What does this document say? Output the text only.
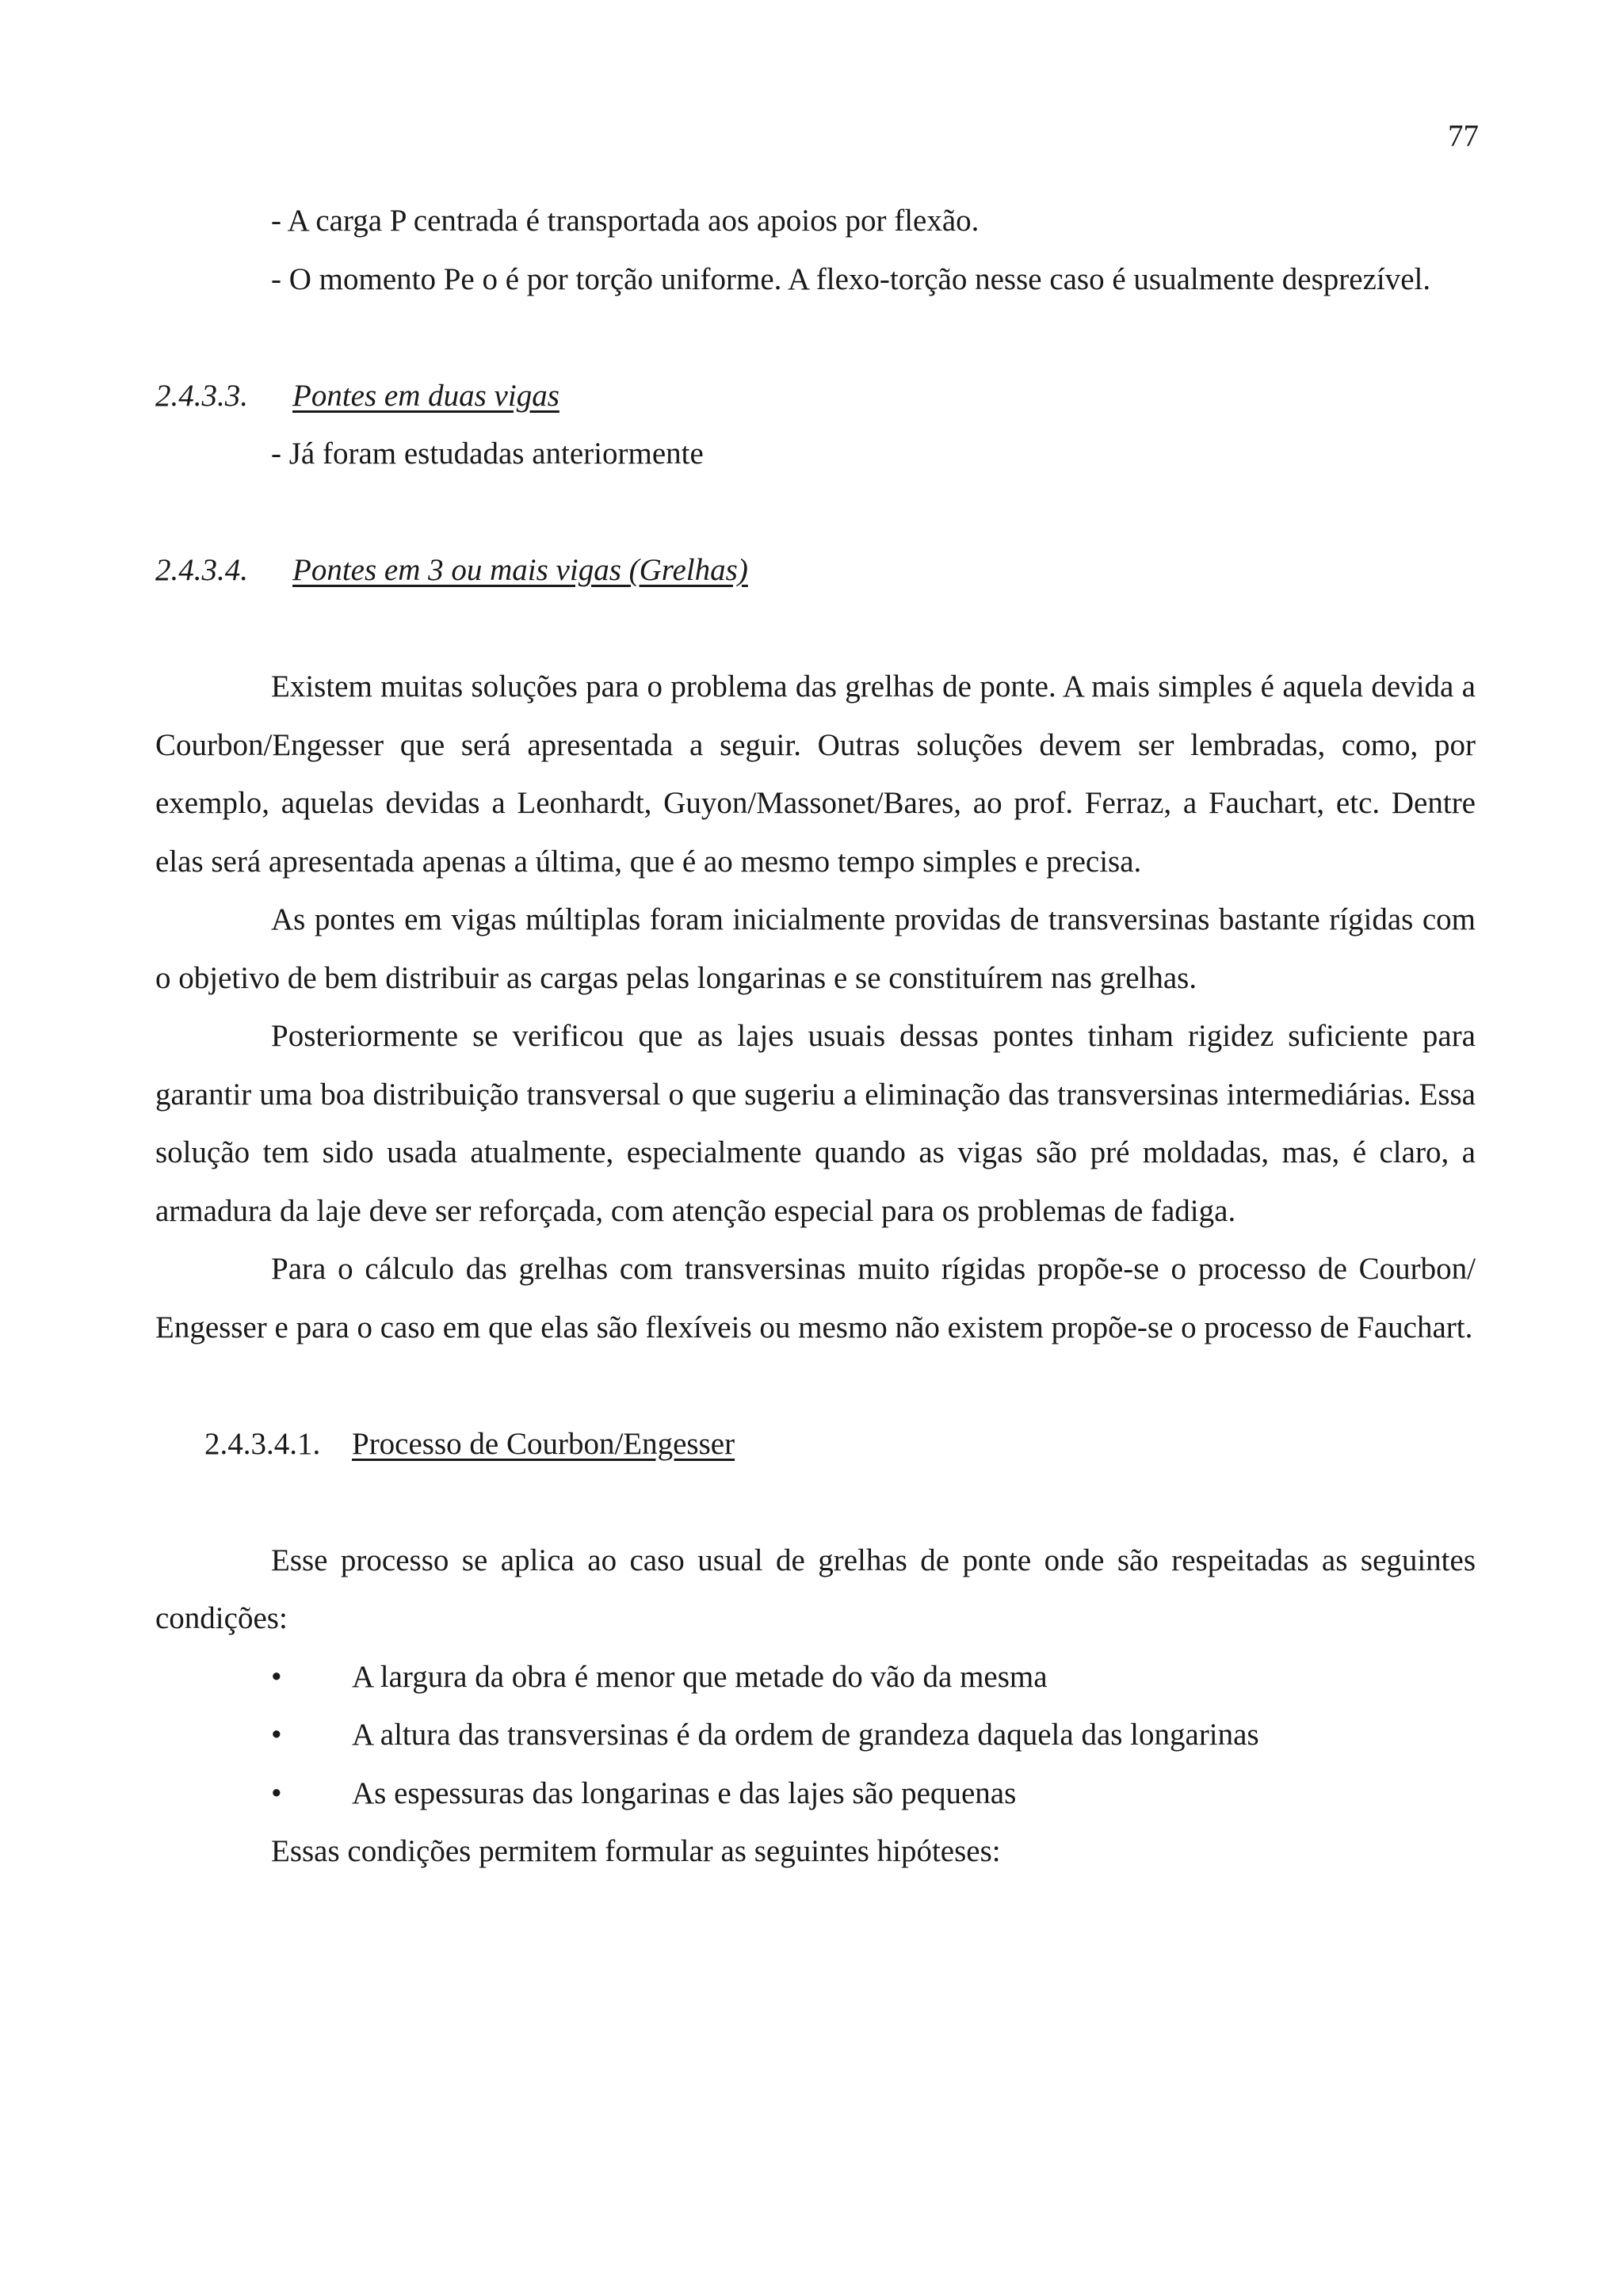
77

- A carga P centrada é transportada aos apoios por flexão.

- O momento Pe o é por torção uniforme. A flexo-torção nesse caso é usualmente desprezível.

2.4.3.3.	Pontes em duas vigas

- Já foram estudadas anteriormente

2.4.3.4.	Pontes em 3 ou mais vigas (Grelhas)

Existem muitas soluções para o problema das grelhas de ponte. A mais simples é aquela devida a Courbon/Engesser que será apresentada a seguir. Outras soluções devem ser lembradas, como, por exemplo, aquelas devidas a Leonhardt, Guyon/Massonet/Bares, ao prof. Ferraz, a Fauchart, etc. Dentre elas será apresentada apenas a última, que é ao mesmo tempo simples e precisa.

As pontes em vigas múltiplas foram inicialmente providas de transversinas bastante rígidas com o objetivo de bem distribuir as cargas pelas longarinas e se constituírem nas grelhas.

Posteriormente se verificou que as lajes usuais dessas pontes tinham rigidez suficiente para garantir uma boa distribuição transversal o que sugeriu a eliminação das transversinas intermediárias. Essa solução tem sido usada atualmente, especialmente quando as vigas são pré moldadas, mas, é claro, a armadura da laje deve ser reforçada, com atenção especial para os problemas de fadiga.

Para o cálculo das grelhas com transversinas muito rígidas propõe-se o processo de Courbon/ Engesser e para o caso em que elas são flexíveis ou mesmo não existem propõe-se o processo de Fauchart.

2.4.3.4.1.	Processo de Courbon/Engesser

Esse processo se aplica ao caso usual de grelhas de ponte onde são respeitadas as seguintes condições:

•	A largura da obra é menor que metade do vão da mesma
•	A altura das transversinas é da ordem de grandeza daquela das longarinas
•	As espessuras das longarinas e das lajes são pequenas

Essas condições permitem formular as seguintes hipóteses:
